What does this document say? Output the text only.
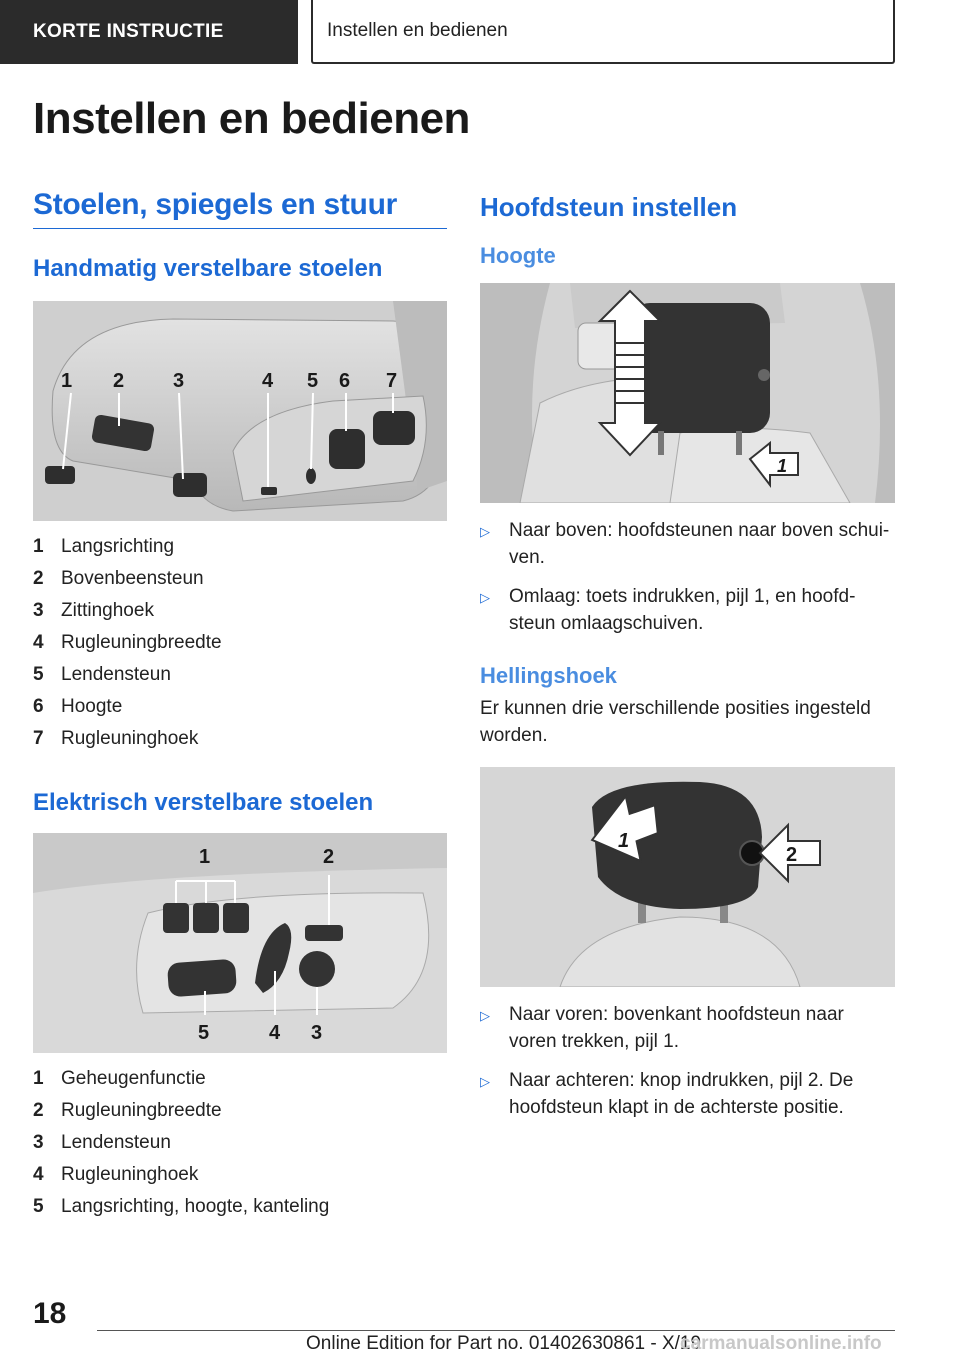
KORTE INSTRUCTIE	Instellen en bedienen
Instellen en bedienen
Stoelen, spiegels en stuur
Handmatig verstelbare stoelen
1 2 3	4 5 6 7
1 Langsrichting
2 Bovenbeensteun
3 Zittinghoek
4 Rugleuningbreedte
5 Lendensteun
6 Hoogte
7 Rugleuninghoek
Elektrisch verstelbare stoelen
1	2
3
4
5
1 Geheugenfunctie
2 Rugleuningbreedte
3 Lendensteun
4 Rugleuninghoek
5 Langsrichting, hoogte, kanteling
Hoofdsteun instellen
Hoogte
1
▷	Naar boven: hoofdsteunen naar boven schui-ven.
▷	Omlaag: toets indrukken, pijl 1, en hoofd-steun omlaagschuiven.
Hellingshoek

Er kunnen drie verschillende posities ingesteld worden.

1
2
▷	Naar voren: bovenkant hoofdsteun naar voren trekken, pijl 1.
▷	Naar achteren: knop indrukken, pijl 2. De hoofdsteun klapt in de achterste positie.
18
Online Edition for Part no. 01402630861 - X/19
carmanualsonline.info
